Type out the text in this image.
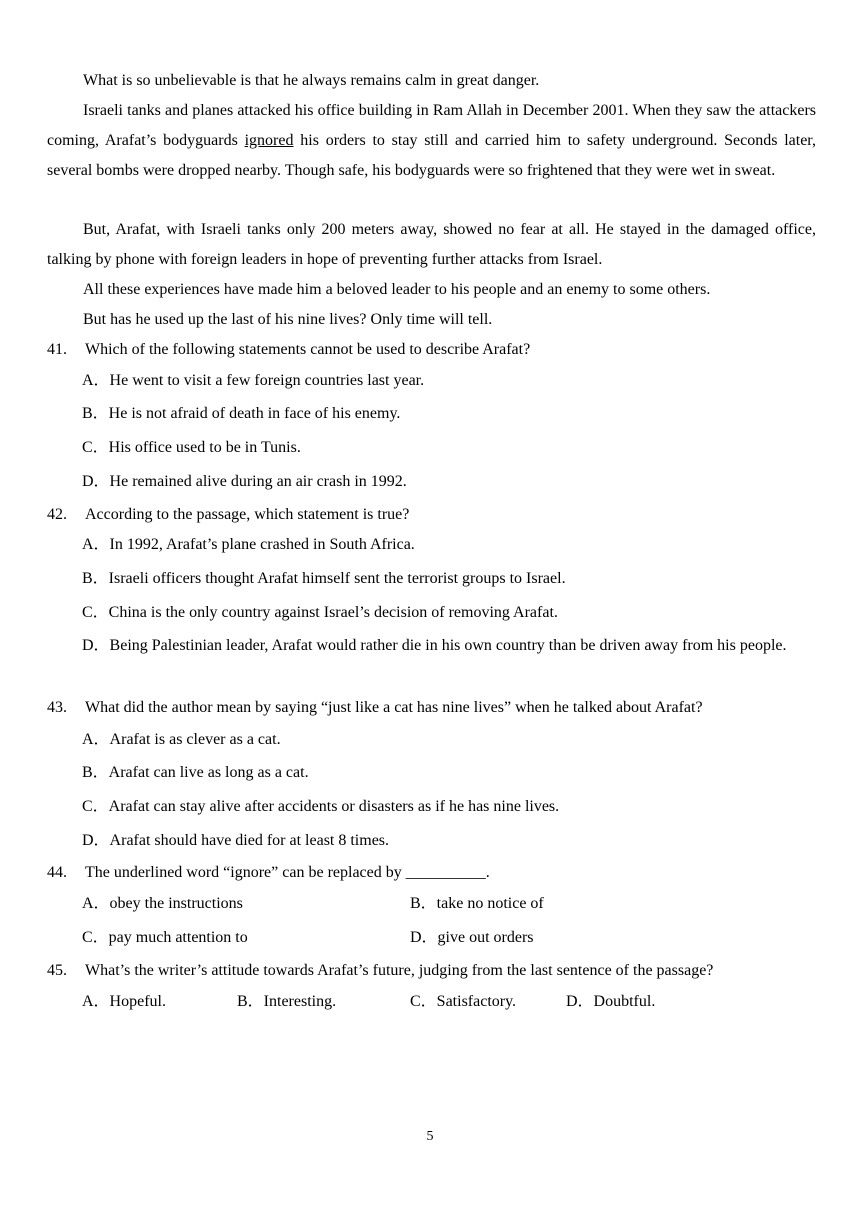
What is so unbelievable is that he always remains calm in great danger.
Israeli tanks and planes attacked his office building in Ram Allah in December 2001. When they saw the attackers coming, Arafat’s bodyguards ignored his orders to stay still and carried him to safety underground. Seconds later, several bombs were dropped nearby. Though safe, his bodyguards were so frightened that they were wet in sweat.
But, Arafat, with Israeli tanks only 200 meters away, showed no fear at all. He stayed in the damaged office, talking by phone with foreign leaders in hope of preventing further attacks from Israel.
All these experiences have made him a beloved leader to his people and an enemy to some others.
But has he used up the last of his nine lives? Only time will tell.
41. Which of the following statements cannot be used to describe Arafat?
A．He went to visit a few foreign countries last year.
B．He is not afraid of death in face of his enemy.
C．His office used to be in Tunis.
D．He remained alive during an air crash in 1992.
42. According to the passage, which statement is true?
A．In 1992, Arafat’s plane crashed in South Africa.
B．Israeli officers thought Arafat himself sent the terrorist groups to Israel.
C．China is the only country against Israel’s decision of removing Arafat.
D．Being Palestinian leader, Arafat would rather die in his own country than be driven away from his people.
43. What did the author mean by saying “just like a cat has nine lives” when he talked about Arafat?
A．Arafat is as clever as a cat.
B．Arafat can live as long as a cat.
C．Arafat can stay alive after accidents or disasters as if he has nine lives.
D．Arafat should have died for at least 8 times.
44. The underlined word “ignore” can be replaced by __________.
A．obey the instructions	B．take no notice of
C．pay much attention to	D．give out orders
45. What’s the writer’s attitude towards Arafat’s future, judging from the last sentence of the passage?
A．Hopeful.	B．Interesting.	C．Satisfactory.	D．Doubtful.
5
